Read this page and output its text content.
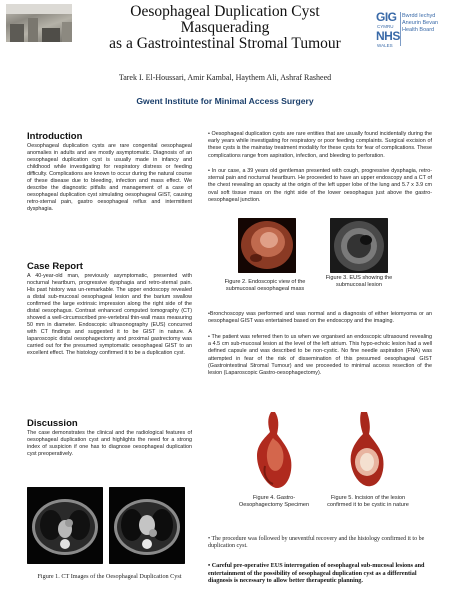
Oesophageal Duplication Cyst
Masquerading
as a Gastrointestinal Stromal Tumour
Tarek I. El-Houssari, Amir Kambal, Haythem Ali, Ashraf Rasheed
Gwent Institute for Minimal Access Surgery
GIG
CYMRU
NHS
WALES
Bwrdd Iechyd
Aneurin Bevan
Health Board
Introduction
Oesophageal duplication cysts are rare congenital oesophageal anomalies in adults and are mostly asymptomatic. Diagnosis of an oesophageal duplication cyst is usually made in infancy and childhood while investigating for respiratory distress or feeding difficulty. Complications are known to occur during the natural course of these disease due to bleeding, infection and mass effect. We describe the diagnostic pitfalls and management of a case of oesophageal duplication cyst simulating oesophageal GIST, causing retro-sternal pain, gastro oesophageal reflux and intermittent dysphagia.
Case Report
A 40-year-old man, previously asymptomatic, presented with nocturnal heartburn, progressive dysphagia and retro-sternal pain. His past history was un-remarkable. The upper endoscopy revealed a distal sub-mucosal oesophageal lesion and the barium swallow confirmed the large extrinsic impression along the right side of the distal oesophagus. Contrast enhanced computed tomography (CT) showed a well-circumscribed pre-vertebral thin-wall mass measuring 50 mm in diameter. Endoscopic ultrasonography (EUS) concurred with CT findings and suggested it to be GIST in nature. A laparoscopic distal oesophagectomy and proximal gastrectomy was carried out for the presumed symptomatic oesophageal GIST to an excellent effect. The histology confirmed it to be a duplication cyst.
Discussion
The case demonstrates the clinical and the radiological features of oesophageal duplication cyst and highlights the need for a strong index of suspicion if one has to diagnose oesophageal duplication cyst preoperatively.
Figure 1. CT Images of the Oesophageal Duplication Cyst
• Oesophageal duplication cysts are rare entities that are usually found incidentally during the early years while investigating for respiratory or poor feeding complaints. Surgical excision of these cysts is the mainstay treatment modality for these cysts for fear of complications. These complications range from aspiration, infection, and bleeding to perforation.
• In our case, a 39 years old gentleman presented with cough, progressive dysphagia, retro-sternal pain and nocturnal heartburn. He proceeded to have an upper endoscopy and a CT of the chest revealing an opacity at the origin of the left upper lobe of the lung and 5.7 x 3.9 cm oval soft tissue mass on the right side of the lower oesophagus just above the gastro-oesophageal junction.
Figure 2. Endoscopic view of the submucosal oesophageal mass
Figure 3. EUS showing the submucosal lesion
•Bronchoscopy was performed and was normal and a diagnosis of either leiomyoma or an oesophageal GIST was entertained based on the endoscopy and the imaging.
• The patient was referred then to us when we organised an endoscopic ultrasound revealing a 4.5 cm sub-mucosal lesion at the level of the left atrium. This hypo-echoic lesion had a well defined capsule and was described to be non-cystic. No fine needle aspiration (FNA) was attempted in fear of the risk of dissemination of this presumed oesophageal GIST (Gastrointestinal Stromal Tumour) and we proceeded to minimal access resection of the lesion (Laparoscopic Gastro-oesophagectomy).
Figure 4. Gastro-Oesophagectomy Specimen
Figure 5. Incision of the lesion confirmed it to be cystic in nature
• The procedure was followed by uneventful recovery and the histology confirmed it to be duplication cyst.
• Careful pre-operative EUS interrogation of oesophageal sub-mucosal lesions and entertainment of the possibility of oesophageal duplication cyst as a differential diagnosis is necessary to allow better therapeutic planning.
